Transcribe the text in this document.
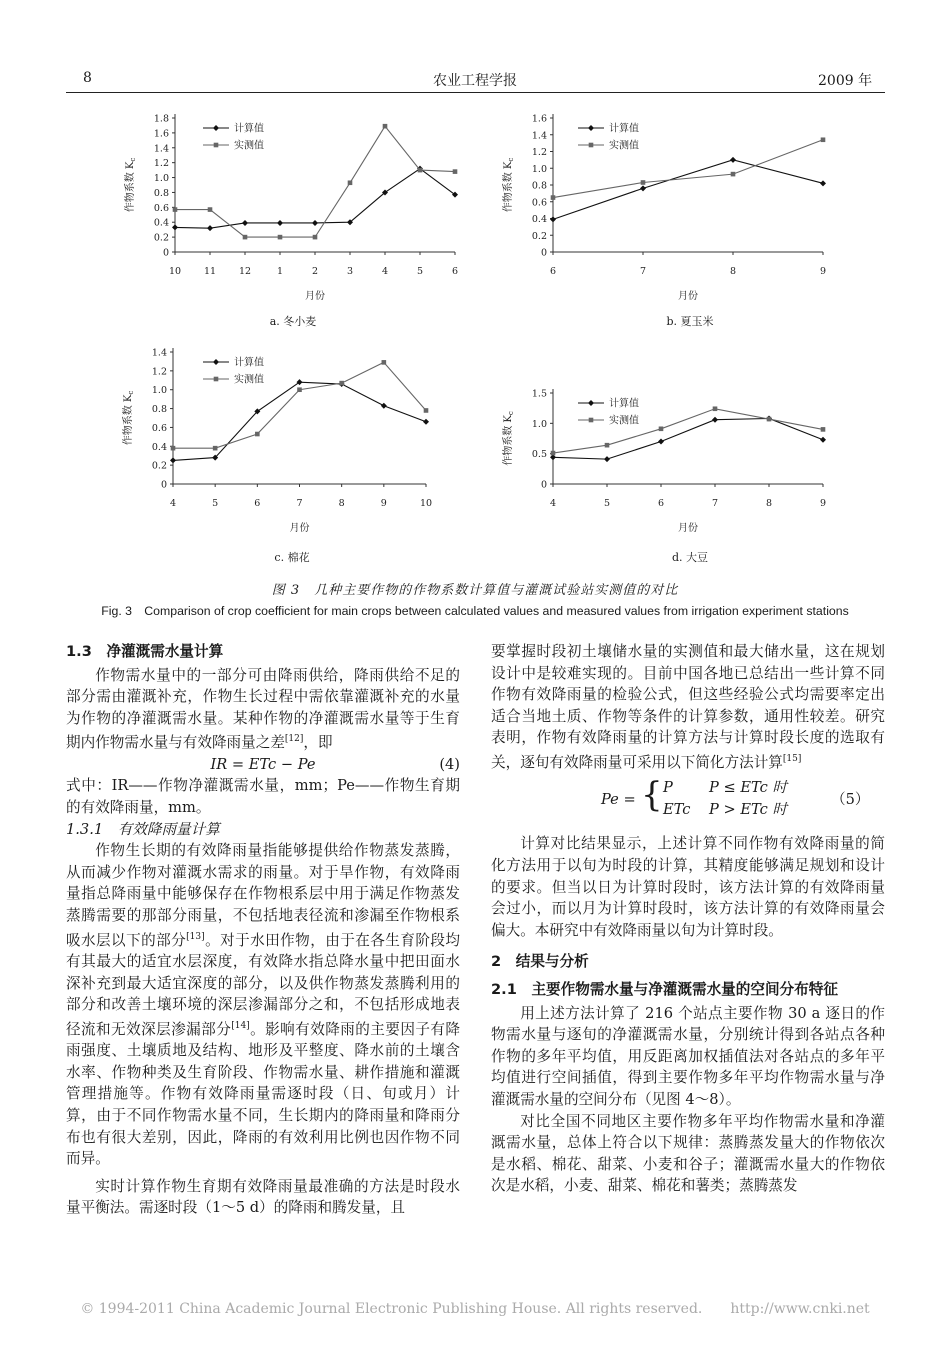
8	农业工程学报	2009 年
0
0.2
0.4
0.6
0.8
1.0
1.2
1.4
1.6
1.8
10 11 12	1	2	3	4	5	6
作物系数 $K_c$
月份
计算值
实测值
0
0.2
0.4
0.6
0.8
1.0
1.2
1.4
1.6
6	7	8	9
作物系数 $K_c$
月份
计算值
实测值
0
0.2
0.4
0.6
0.8
1.0
1.2
1.4
4	5	6	7	8	9	10
作物系数 $K_c$
月份
计算值
实测值
0
0.5
1.0
1.5
4	5	6	7	8	9
作物系数 $K_c$
月份
计算值
实测值
a. 冬小麦	b. 夏玉米
c. 棉花	d. 大豆
图 3　几种主要作物的作物系数计算值与灌溉试验站实测值的对比
Fig. 3　Comparison of crop coefficient for main crops between calculated values and measured values from irrigation experiment stations

1.3　净灌溉需水量计算

作物需水量中的一部分可由降雨供给，降雨供给不足的部分需由灌溉补充，作物生长过程中需依靠灌溉补充的水量为作物的净灌溉需水量。某种作物的净灌溉需水量等于生育期内作物需水量与有效降雨量之差[12]，即

IR = ETc − Pe	(4)

式中：IR——作物净灌溉需水量，mm；Pe——作物生育期的有效降雨量，mm。

1.3.1　有效降雨量计算

作物生长期的有效降雨量指能够提供给作物蒸发蒸腾，从而减少作物对灌溉水需求的雨量。对于旱作物，有效降雨量指总降雨量中能够保存在作物根系层中用于满足作物蒸发蒸腾需要的那部分雨量，不包括地表径流和渗漏至作物根系吸水层以下的部分[13]。对于水田作物，由于在各生育阶段均有其最大的适宜水层深度，有效降水指总降水量中把田面水深补充到最大适宜深度的部分，以及供作物蒸发蒸腾利用的部分和改善土壤环境的深层渗漏部分之和，不包括形成地表径流和无效深层渗漏部分[14]。影响有效降雨的主要因子有降雨强度、土壤质地及结构、地形及平整度、降水前的土壤含水率、作物种类及生育阶段、作物需水量、耕作措施和灌溉管理措施等。作物有效降雨量需逐时段（日、旬或月）计算，由于不同作物需水量不同，生长期内的降雨量和降雨分布也有很大差别，因此，降雨的有效利用比例也因作物不同而异。

实时计算作物生育期有效降雨量最准确的方法是时段水量平衡法。需逐时段（1～5 d）的降雨和腾发量，且

要掌握时段初土壤储水量的实测值和最大储水量，这在规划设计中是较难实现的。目前中国各地已总结出一些计算不同作物有效降雨量的检验公式，但这些经验公式均需要率定出适合当地土质、作物等条件的计算参数，通用性较差。研究表明，作物有效降雨量的计算方法与计算时段长度的选取有关，逐旬有效降雨量可采用以下简化方法计算[15]

Pe = { P P ≤ ETc 时
ETc P > ETc 时
（5）

计算对比结果显示，上述计算不同作物有效降雨量的简化方法用于以旬为时段的计算，其精度能够满足规划和设计的要求。但当以日为计算时段时，该方法计算的有效降雨量会过小，而以月为计算时段时，该方法计算的有效降雨量会偏大。本研究中有效降雨量以旬为计算时段。

2　结果与分析

2.1　主要作物需水量与净灌溉需水量的空间分布特征

用上述方法计算了 216 个站点主要作物 30 a 逐日的作物需水量与逐旬的净灌溉需水量，分别统计得到各站点各种作物的多年平均值，用反距离加权插值法对各站点的多年平均值进行空间插值，得到主要作物多年平均作物需水量与净灌溉需水量的空间分布（见图 4～8）。

对比全国不同地区主要作物多年平均作物需水量和净灌溉需水量，总体上符合以下规律：蒸腾蒸发量大的作物依次是水稻、棉花、甜菜、小麦和谷子；灌溉需水量大的作物依次是水稻，小麦、甜菜、棉花和薯类；蒸腾蒸发

© 1994-2011 China Academic Journal Electronic Publishing House. All rights reserved.　　http://www.cnki.net
